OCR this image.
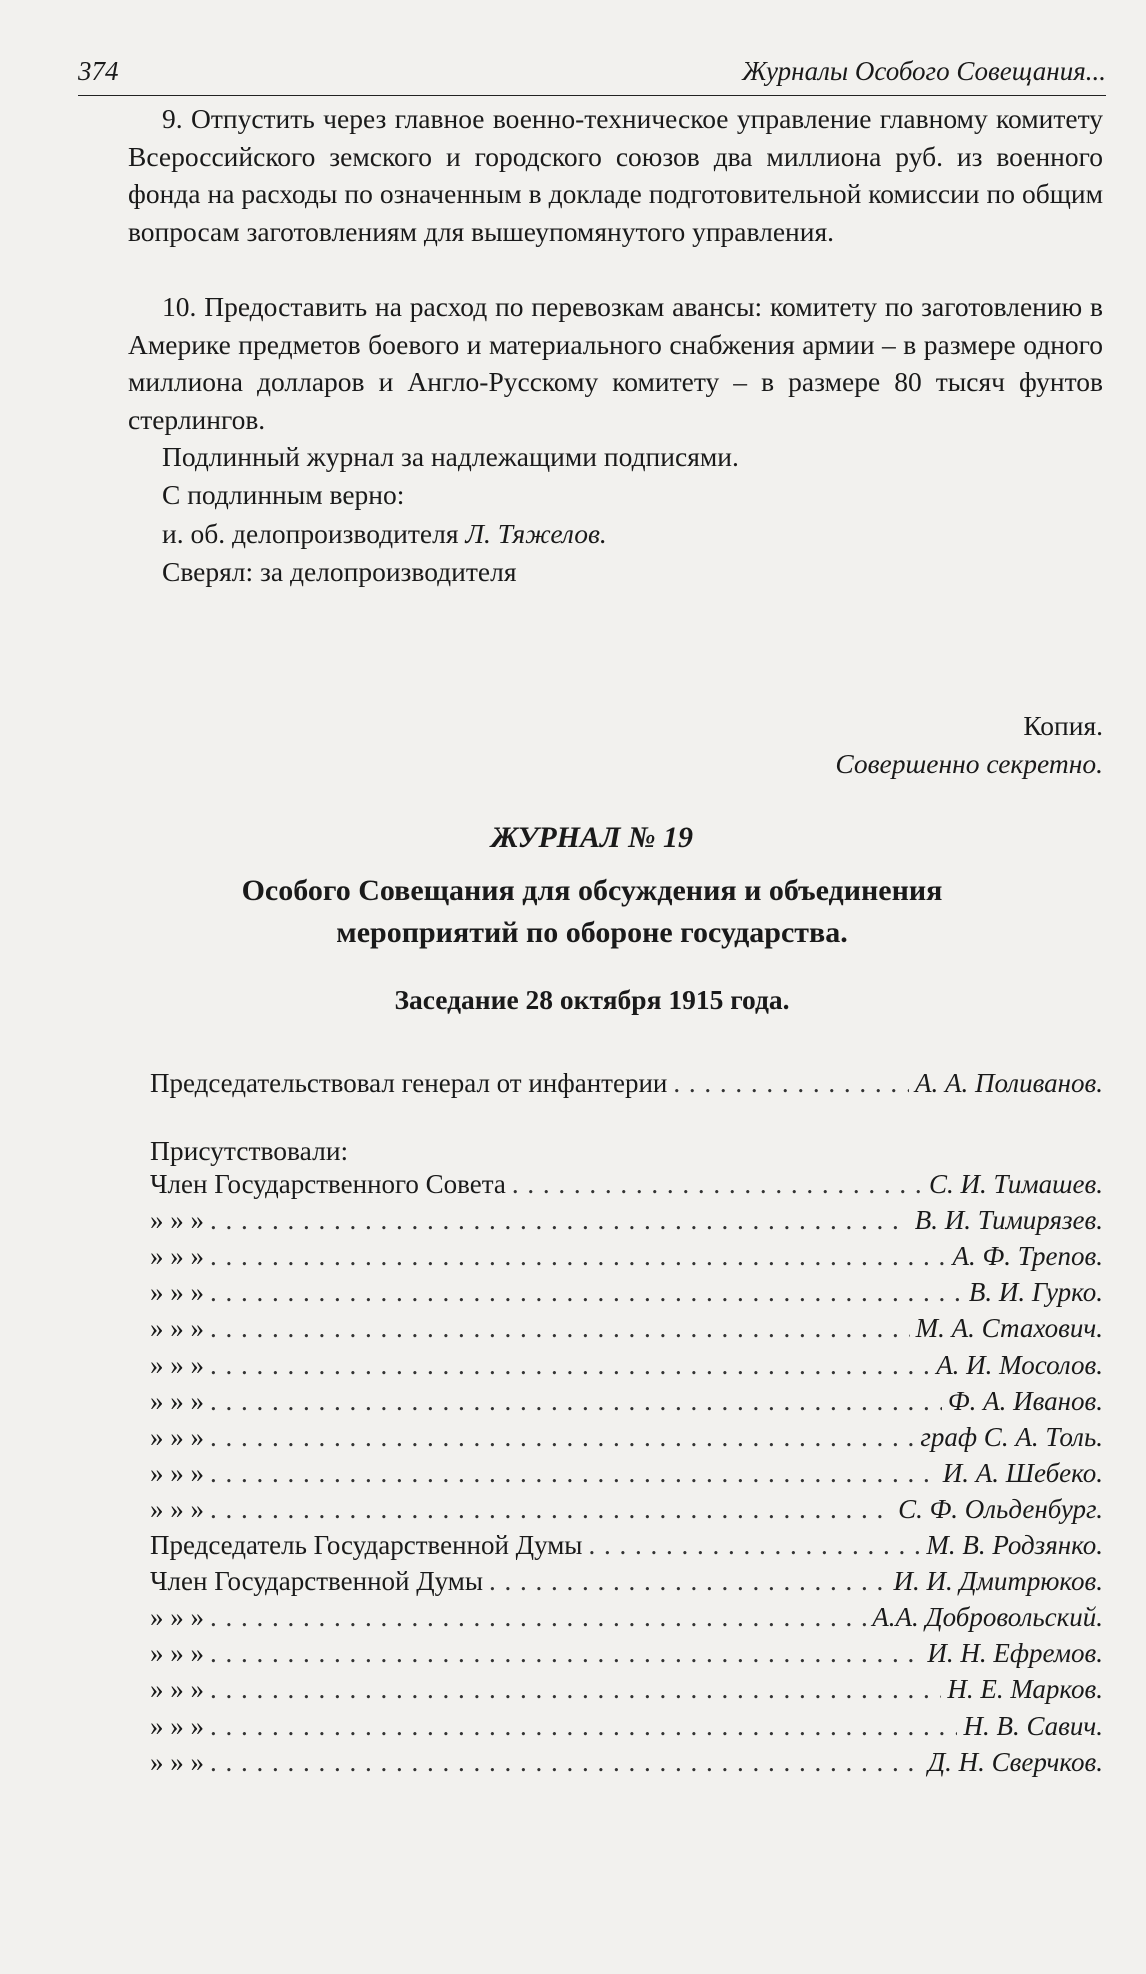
374	Журналы Особого Совещания...
9. Отпустить через главное военно-техническое управление главному комитету Всероссийского земского и городского союзов два миллиона руб. из военного фонда на расходы по означенным в докладе подготовительной комиссии по общим вопросам заготовлениям для вышеупомянутого управления.
10. Предоставить на расход по перевозкам авансы: комитету по заготовлению в Америке предметов боевого и материального снабжения армии – в размере одного миллиона долларов и Англо-Русскому комитету – в размере 80 тысяч фунтов стерлингов.
Подлинный журнал за надлежащими подписями.
С подлинным верно:
и. об. делопроизводителя Л. Тяжелов.
Сверял: за делопроизводителя
Копия.
Совершенно секретно.
ЖУРНАЛ № 19
Особого Совещания для обсуждения и объединения
мероприятий по обороне государства.
Заседание 28 октября 1915 года.
Председательствовал генерал от инфантерии . . .	А. А. Поливанов.
Присутствовали:
Член Государственного Совета . . .	С. И. Тимашев.
» » » . . .	В. И. Тимирязев.
» » » . . .	А. Ф. Трепов.
» » » . . .	В. И. Гурко.
» » » . . .	М. А. Стахович.
» » » . . .	А. И. Мосолов.
» » » . . .	Ф. А. Иванов.
» » » . . .	граф С. А. Толь.
» » » . . .	И. А. Шебеко.
» » » . . .	С. Ф. Ольденбург.
Председатель Государственной Думы . . .	М. В. Родзянко.
Член Государственной Думы . . .	И. И. Дмитрюков.
» » » . . .	А.А. Добровольский.
» » » . . .	И. Н. Ефремов.
» » » . . .	Н. Е. Марков.
» » » . . .	Н. В. Савич.
» » » . . .	Д. Н. Сверчков.
